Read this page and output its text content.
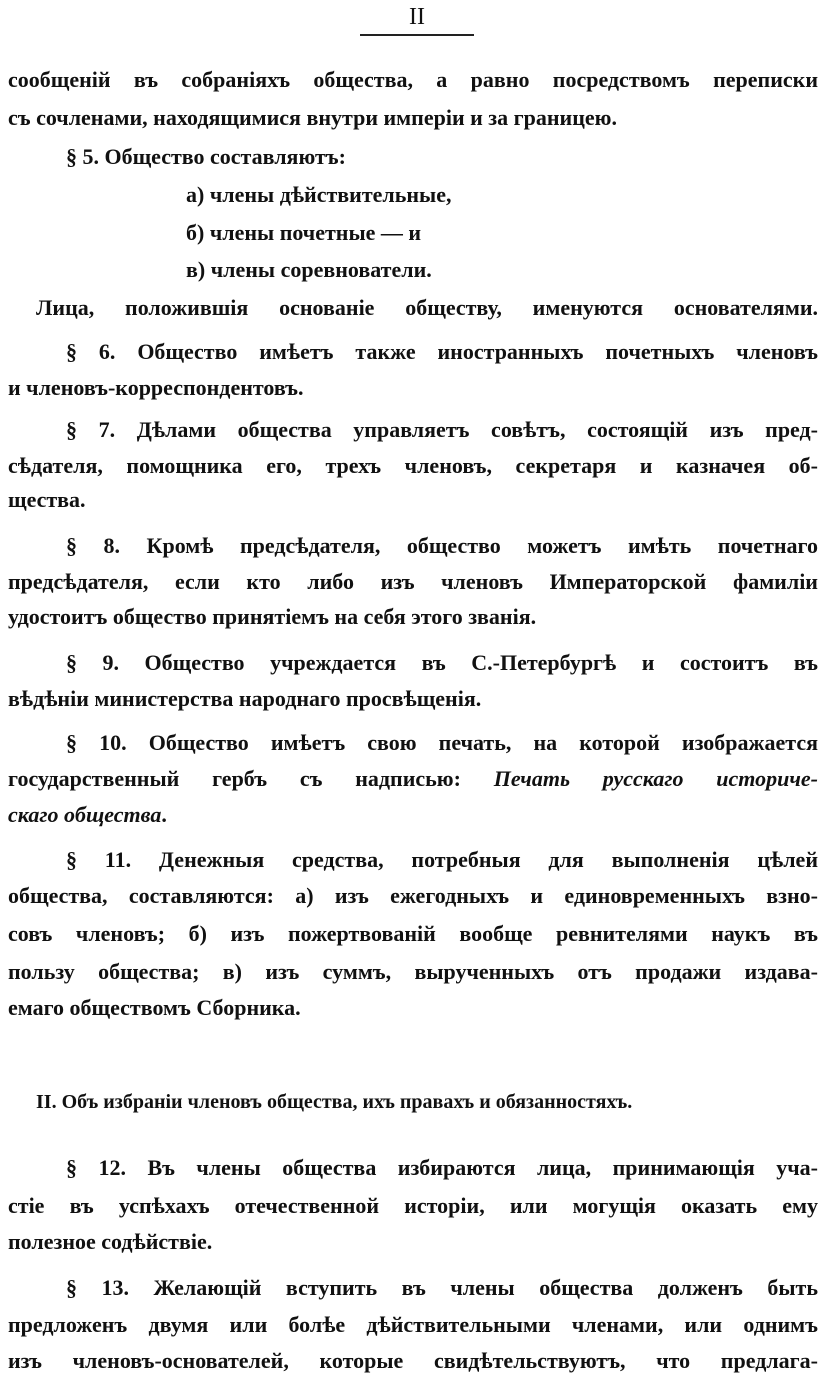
II
сообщеній въ собраніяхъ общества, а равно посредствомъ переписки
съ сочленами, находящимися внутри имперіи и за границею.
§ 5. Общество составляютъ:
а) члены дѣйствительные,
б) члены почетные — и
в) члены соревнователи.
Лица, положившія основаніе обществу, именуются основателями.
§ 6. Общество имѣетъ также иностранныхъ почетныхъ членовъ
и членовъ-корреспондентовъ.
§ 7. Дѣлами общества управляетъ совѣтъ, состоящій изъ пред-
сѣдателя, помощника его, трехъ членовъ, секретаря и казначея об-
щества.
§ 8. Кромѣ предсѣдателя, общество можетъ имѣть почетнаго
предсѣдателя, если кто либо изъ членовъ Императорской фамиліи
удостоитъ общество принятіемъ на себя этого званія.
§ 9. Общество учреждается въ С.-Петербургѣ и состоитъ въ
вѣдѣніи министерства народнаго просвѣщенія.
§ 10. Общество имѣетъ свою печать, на которой изображается
государственный гербъ съ надписью: Печать русскаго историче-
скаго общества.
§ 11. Денежныя средства, потребныя для выполненія цѣлей
общества, составляются: а) изъ ежегодныхъ и единовременныхъ взно-
совъ членовъ; б) изъ пожертвованій вообще ревнителями наукъ въ
пользу общества; в) изъ суммъ, вырученныхъ отъ продажи издава-
емаго обществомъ Сборника.
II. Объ избраніи членовъ общества, ихъ правахъ и обязанностяхъ.
§ 12. Въ члены общества избираются лица, принимающія уча-
стіе въ успѣхахъ отечественной исторіи, или могущія оказать ему
полезное содѣйствіе.
§ 13. Желающій вступить въ члены общества долженъ быть
предложенъ двумя или болѣе дѣйствительными членами, или однимъ
изъ членовъ-основателей, которые свидѣтельствуютъ, что предлага-
